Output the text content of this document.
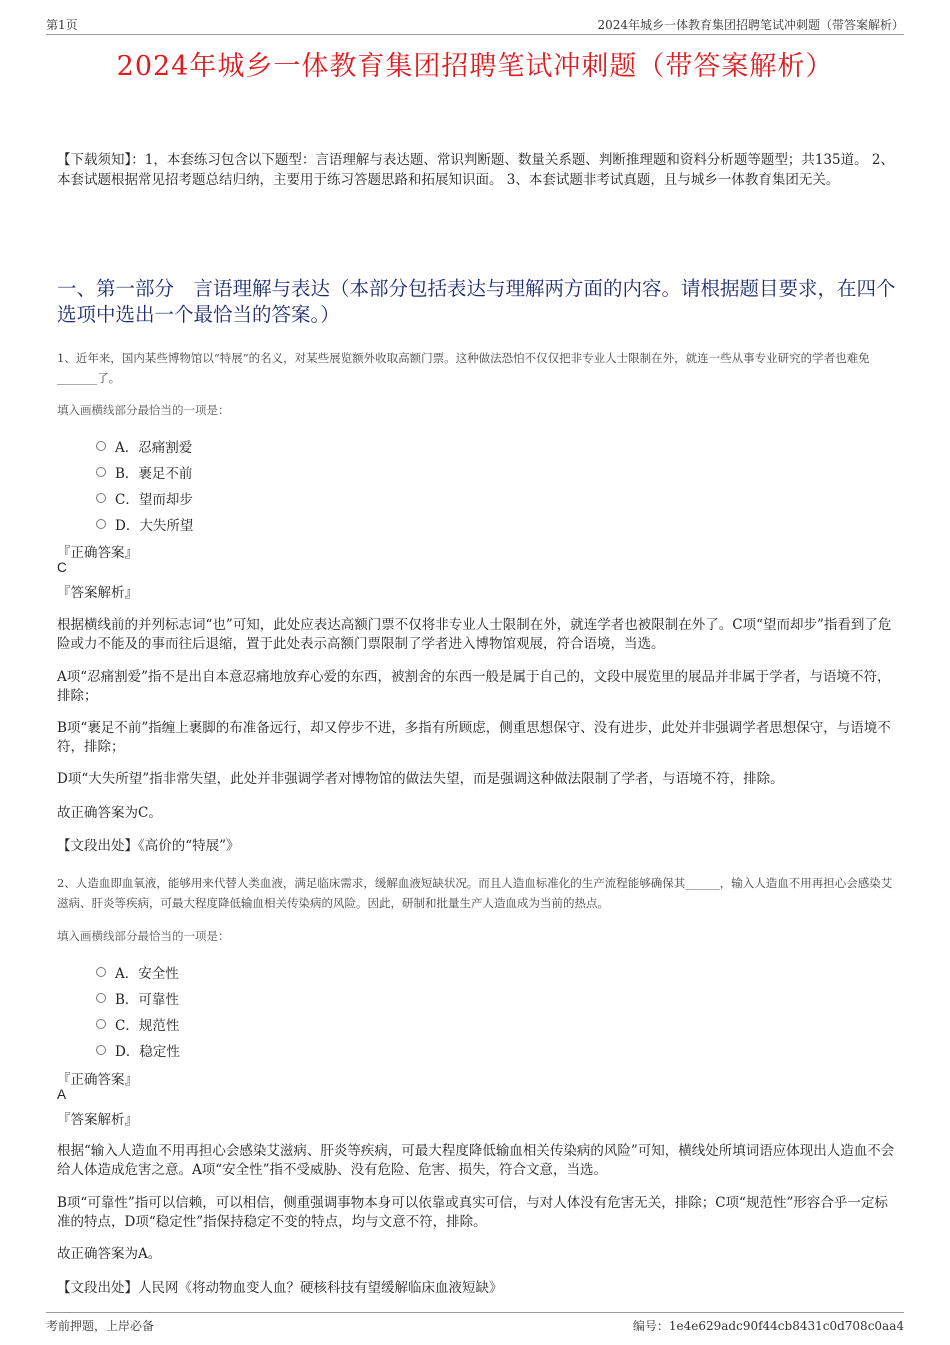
第1页	2024年城乡一体教育集团招聘笔试冲刺题（带答案解析）
2024年城乡一体教育集团招聘笔试冲刺题（带答案解析）
【下载须知】：1，本套练习包含以下题型：言语理解与表达题、常识判断题、数量关系题、判断推理题和资料分析题等题型；共135道。 2、本套试题根据常见招考题总结归纳，主要用于练习答题思路和拓展知识面。 3、本套试题非考试真题，且与城乡一体教育集团无关。
一、第一部分　言语理解与表达（本部分包括表达与理解两方面的内容。请根据题目要求，在四个选项中选出一个最恰当的答案。）
1、近年来，国内某些博物馆以“特展”的名义，对某些展览额外收取高额门票。这种做法恐怕不仅仅把非专业人士限制在外，就连一些从事专业研究的学者也难免_______了。
填入画横线部分最恰当的一项是：
A．忍痛割爱
B．裹足不前
C．望而却步
D．大失所望
『正确答案』
C
『答案解析』
根据横线前的并列标志词“也”可知，此处应表达高额门票不仅将非专业人士限制在外，就连学者也被限制在外了。C项“望而却步”指看到了危险或力不能及的事而往后退缩，置于此处表示高额门票限制了学者进入博物馆观展，符合语境，当选。
A项“忍痛割爱”指不是出自本意忍痛地放弃心爱的东西，被割舍的东西一般是属于自己的，文段中展览里的展品并非属于学者，与语境不符，排除；
B项“裹足不前”指缠上裹脚的布准备远行，却又停步不进，多指有所顾虑，侧重思想保守、没有进步，此处并非强调学者思想保守，与语境不符，排除；
D项“大失所望”指非常失望，此处并非强调学者对博物馆的做法失望，而是强调这种做法限制了学者，与语境不符，排除。
故正确答案为C。
【文段出处】《高价的“特展”》
2、人造血即血氧液，能够用来代替人类血液，满足临床需求，缓解血液短缺状况。而且人造血标准化的生产流程能够确保其______，输入人造血不用再担心会感染艾滋病、肝炎等疾病，可最大程度降低输血相关传染病的风险。因此，研制和批量生产人造血成为当前的热点。
填入画横线部分最恰当的一项是：
A．安全性
B．可靠性
C．规范性
D．稳定性
『正确答案』
A
『答案解析』
根据“输入人造血不用再担心会感染艾滋病、肝炎等疾病，可最大程度降低输血相关传染病的风险”可知，横线处所填词语应体现出人造血不会给人体造成危害之意。A项“安全性”指不受威胁、没有危险、危害、损失，符合文意，当选。
B项“可靠性”指可以信赖，可以相信，侧重强调事物本身可以依靠或真实可信，与对人体没有危害无关，排除；C项“规范性”形容合乎一定标准的特点，D项“稳定性”指保持稳定不变的特点，均与文意不符，排除。
故正确答案为A。
【文段出处】人民网《将动物血变人血？硬核科技有望缓解临床血液短缺》
考前押题，上岸必备	编号：1e4e629adc90f44cb8431c0d708c0aa4
